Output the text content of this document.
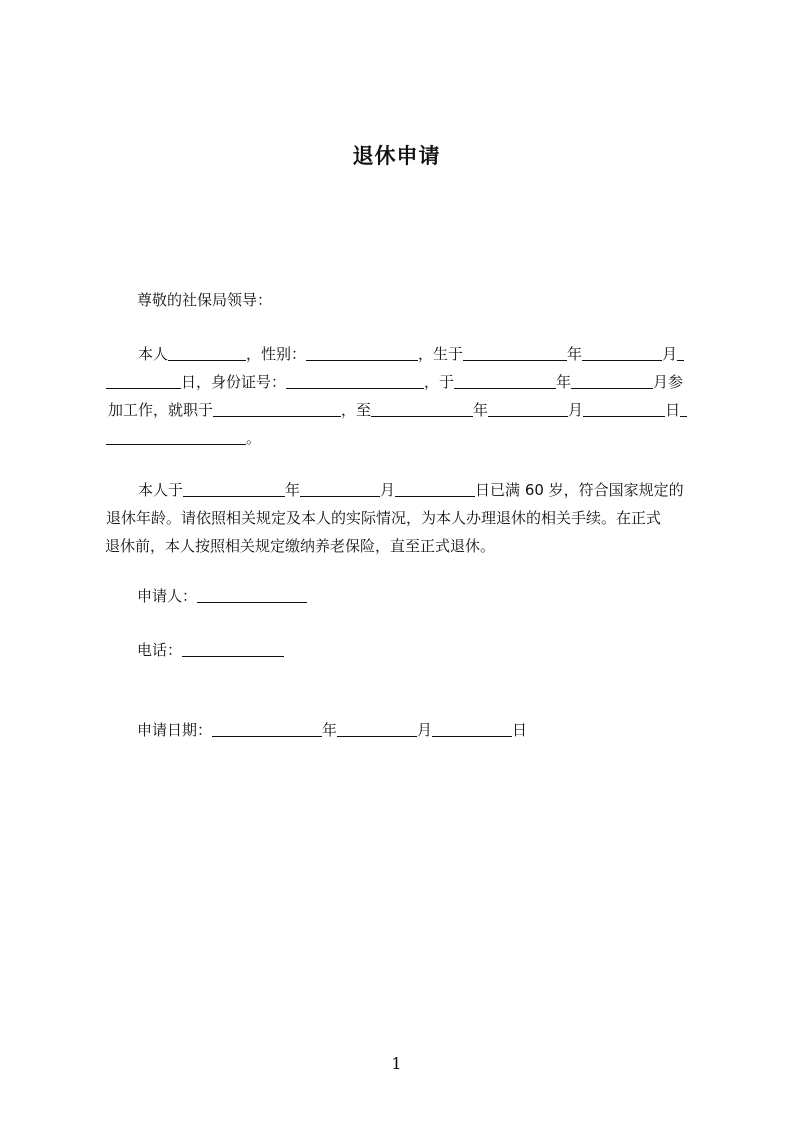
退休申请
尊敬的社保局领导：
本人	，性别：	，生于	年	月
日，身份证号：	，于	年	月参
加工作，就职于	，至	年	月	日
。
本人于	年	月	日已满 60 岁，符合国家规定的
退休年龄。请依照相关规定及本人的实际情况，为本人办理退休的相关手续。在正式
退休前，本人按照相关规定缴纳养老保险，直至正式退休。
申请人：
电话：
申请日期：	年	月	日
1
